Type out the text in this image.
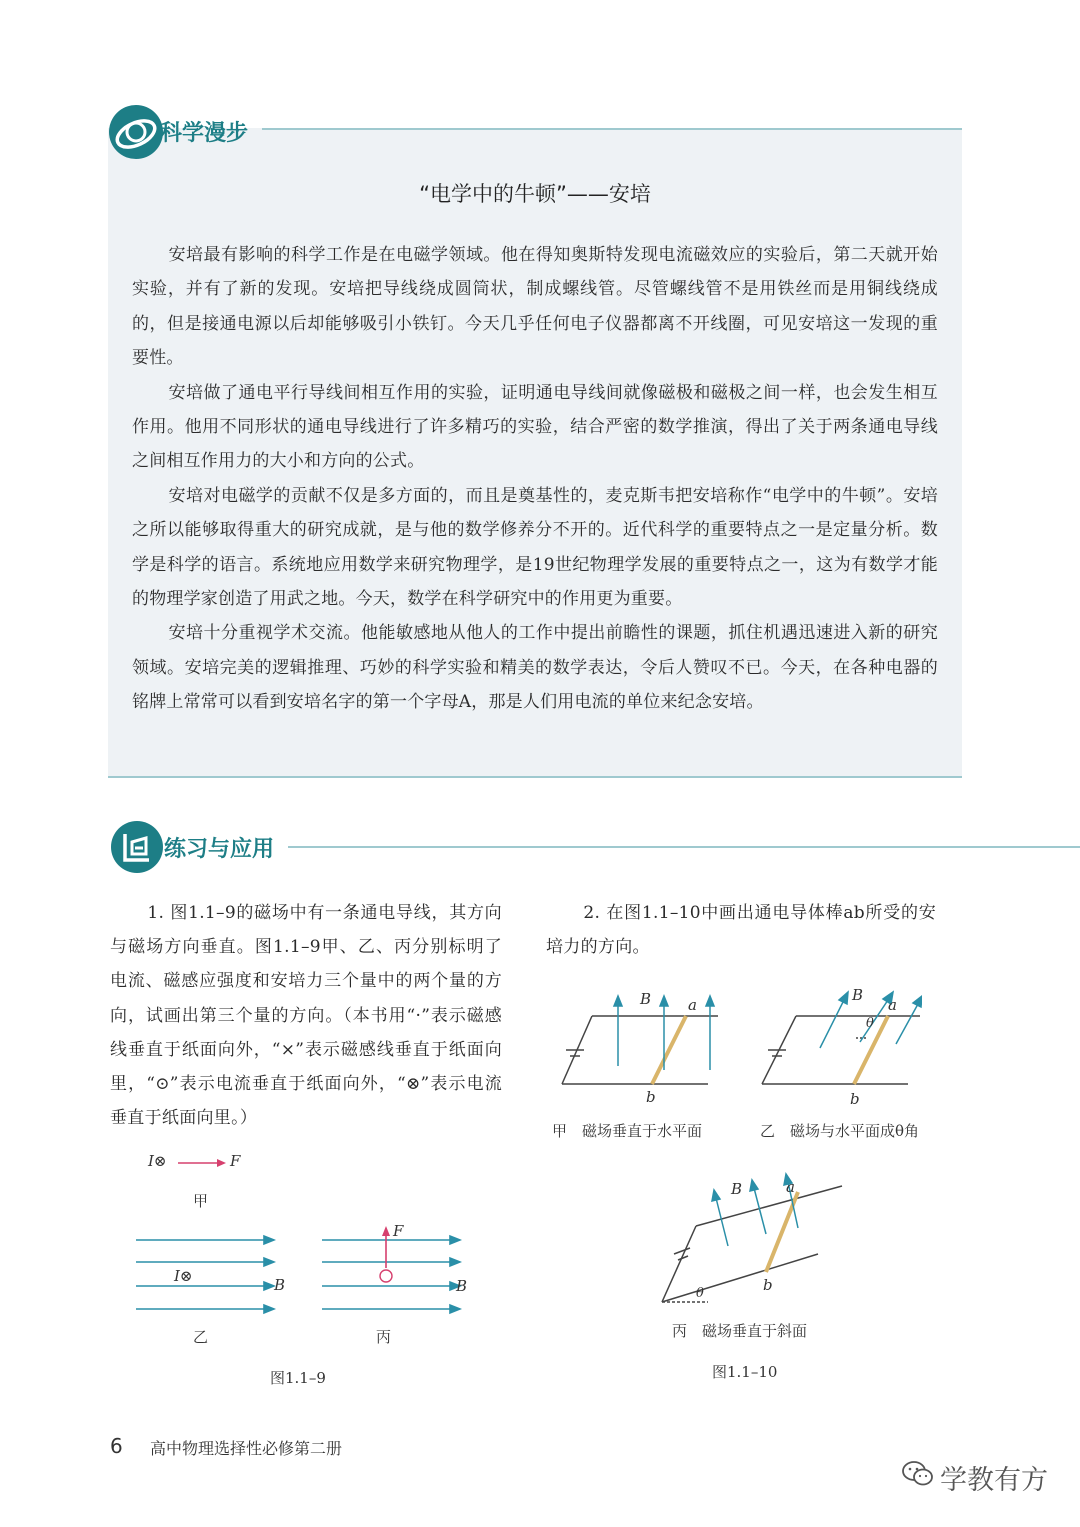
科学漫步
“电学中的牛顿”——安培

安培最有影响的科学工作是在电磁学领域。他在得知奥斯特发现电流磁效应的实验后，第二天就开始实验，并有了新的发现。安培把导线绕成圆筒状，制成螺线管。尽管螺线管不是用铁丝而是用铜线绕成的，但是接通电源以后却能够吸引小铁钉。今天几乎任何电子仪器都离不开线圈，可见安培这一发现的重要性。

安培做了通电平行导线间相互作用的实验，证明通电导线间就像磁极和磁极之间一样，也会发生相互作用。他用不同形状的通电导线进行了许多精巧的实验，结合严密的数学推演，得出了关于两条通电导线之间相互作用力的大小和方向的公式。

安培对电磁学的贡献不仅是多方面的，而且是奠基性的，麦克斯韦把安培称作“电学中的牛顿”。安培之所以能够取得重大的研究成就，是与他的数学修养分不开的。近代科学的重要特点之一是定量分析。数学是科学的语言。系统地应用数学来研究物理学，是19世纪物理学发展的重要特点之一，这为有数学才能的物理学家创造了用武之地。今天，数学在科学研究中的作用更为重要。

安培十分重视学术交流。他能敏感地从他人的工作中提出前瞻性的课题，抓住机遇迅速进入新的研究领域。安培完美的逻辑推理、巧妙的科学实验和精美的数学表达，令后人赞叹不已。今天，在各种电器的铭牌上常常可以看到安培名字的第一个字母A，那是人们用电流的单位来纪念安培。

练习与应用
1. 图1.1–9的磁场中有一条通电导线，其方向与磁场方向垂直。图1.1–9甲、乙、丙分别标明了电流、磁感应强度和安培力三个量中的两个量的方向，试画出第三个量的方向。（本书用“·”表示磁感线垂直于纸面向外，“×”表示磁感线垂直于纸面向里，“⊙”表示电流垂直于纸面向外，“⊗”表示电流垂直于纸面向里。）
2. 在图1.1–10中画出通电导体棒ab所受的安培力的方向。
I⊗	F
甲
I⊗	B
乙
F
B
丙
图1.1–9
B a
b
甲　磁场垂直于水平面
B
a
θ
b
乙　磁场与水平面成θ角
B	a
b
θ
丙　磁场垂直于斜面
图1.1–10
6 高中物理选择性必修第二册
学教有方
